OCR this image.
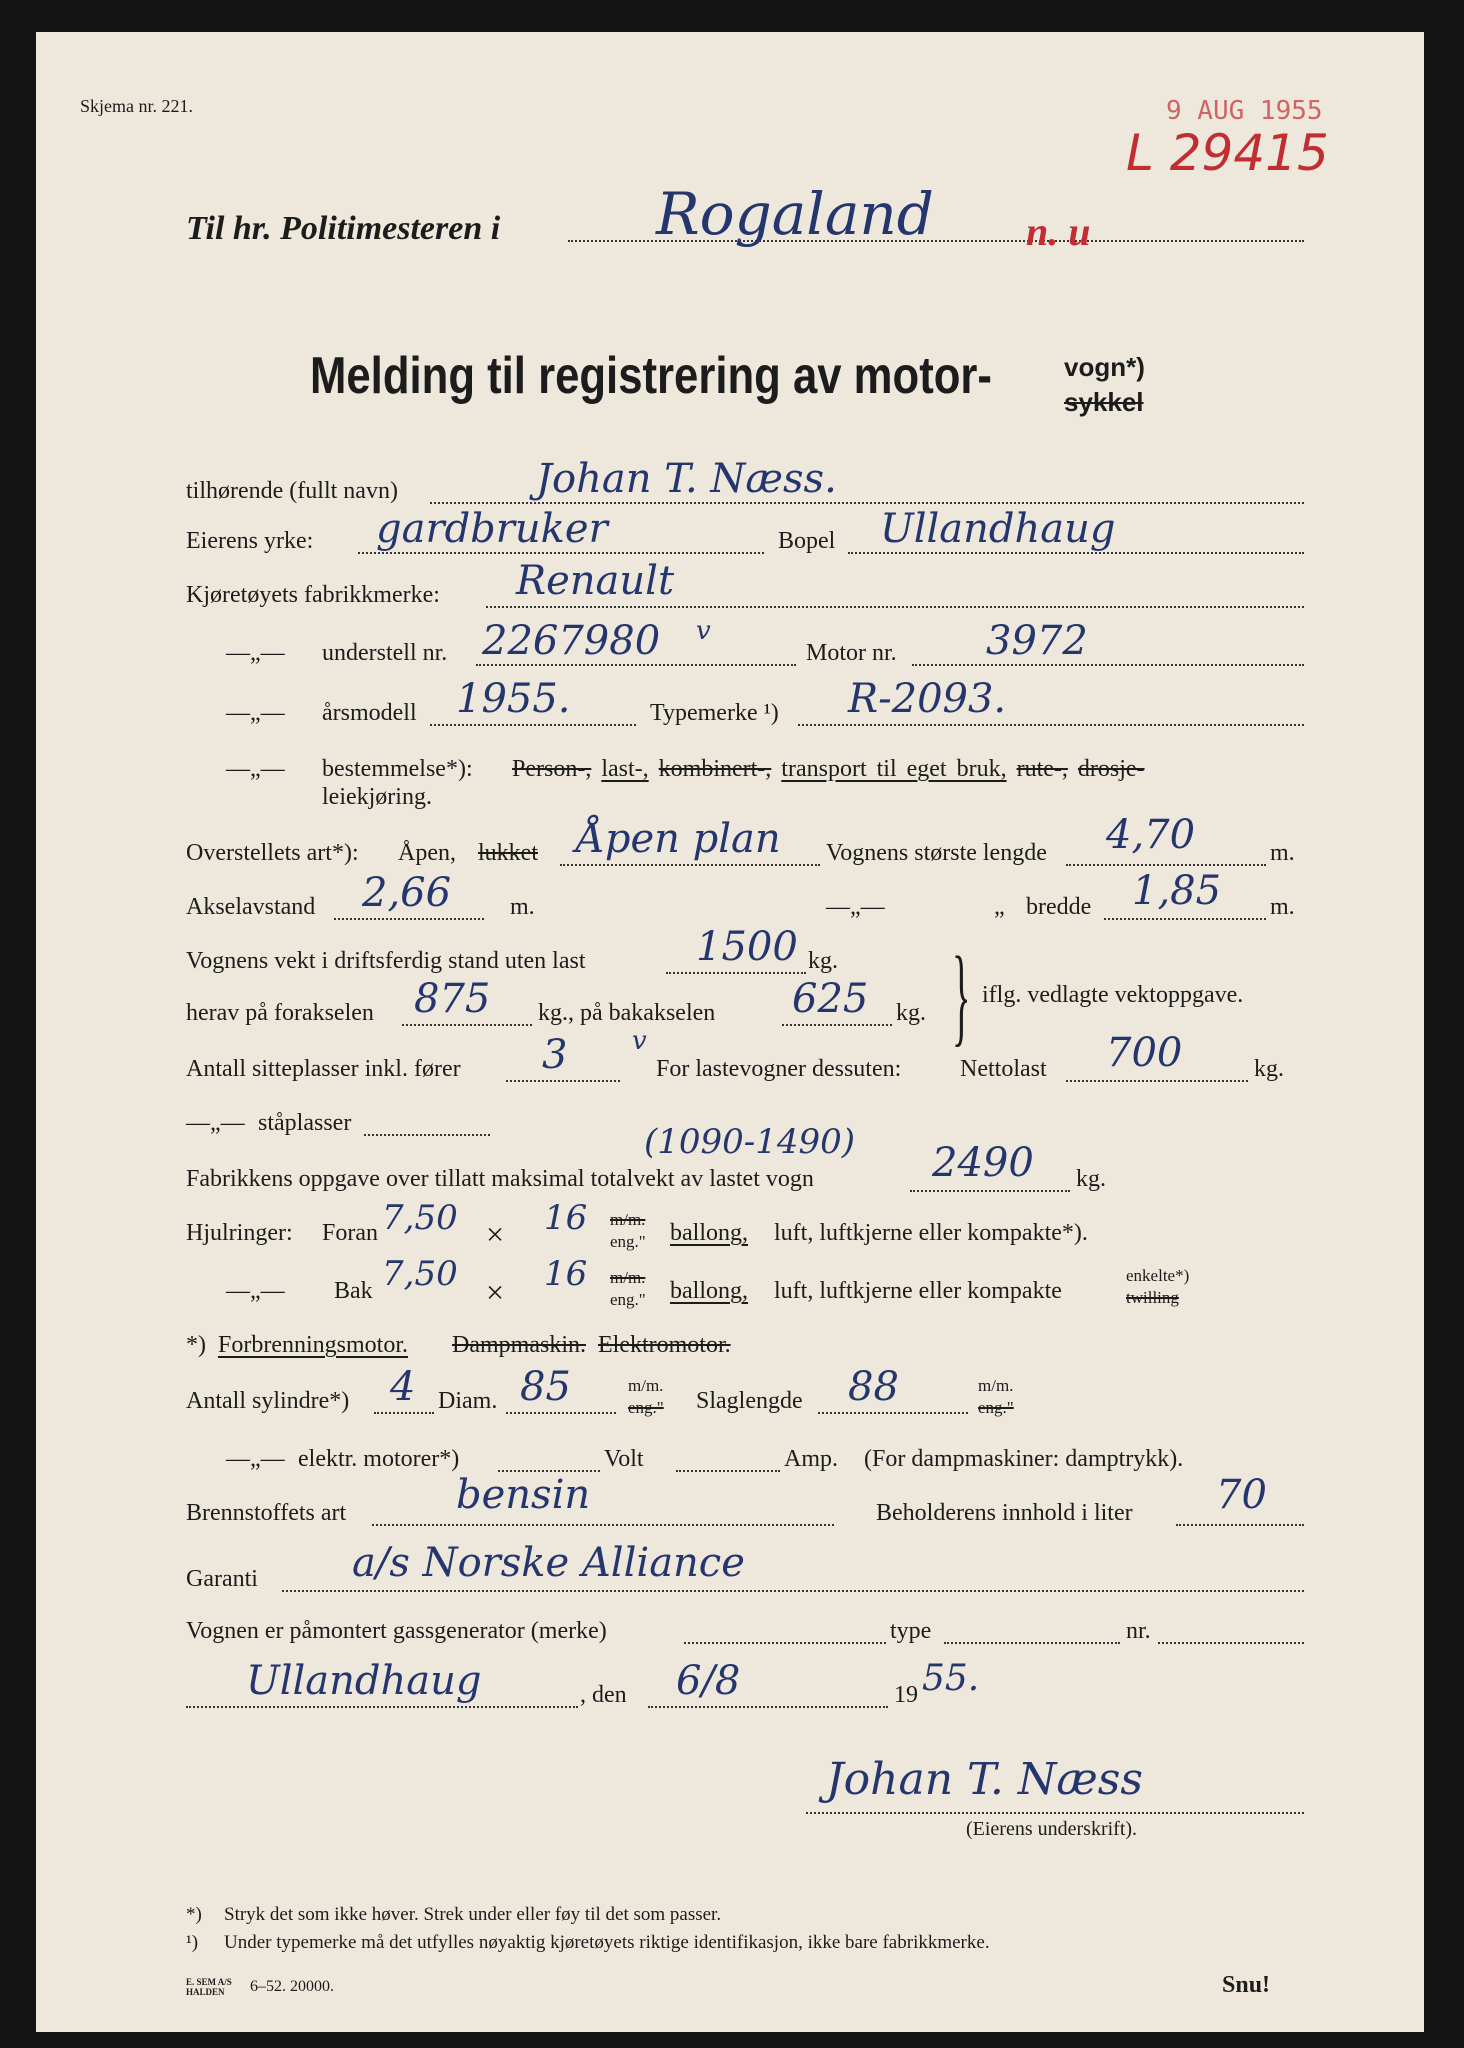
Skjema nr. 221.	9 AUG 1955
L 29415
Til hr. Politimesteren i	Rogaland n. u
Melding til registrering av motor-	vogn*)
sykkel
tilhørende (fullt navn)	Johan T. Næss.
Eierens yrke: gardbruker	Bopel Ullandhaug
Kjøretøyets fabrikkmerke: Renault
—„— understell nr. 2267980 v
Motor nr. 3972
—„— årsmodell 1955.	Typemerke ¹) R-2093.
—„— bestemmelse*): Person-, last-, kombinert-, transport til eget bruk, rute-, drosje-
leiekjøring.
Overstellets art*): Åpen, lukket Åpen plan Vognens største lengde 4,70	m.
Akselavstand 2,66 m.	—„—	„ bredde 1,85 m.
Vognens vekt i driftsferdig stand uten last	1500 kg.
herav på forakselen 875 kg., på bakakselen 625 kg. } iflg. vedlagte vektoppgave.
Antall sitteplasser inkl. fører 3 v
For lastevogner dessuten: Nettolast 700	kg.
—„— ståplasser	(1090-1490)
Fabrikkens oppgave over tillatt maksimal totalvekt av lastet vogn	2490 kg.
Hjulringer: Foran 7,50 × 16 m/m.
eng." ballong, luft, luftkjerne eller kompakte*).
—„— Bak 7,50 × 16 m/m.
eng." ballong, luft, luftkjerne eller kompakte
enkelte*)
twilling
*) Forbrenningsmotor. Dampmaskin. Elektromotor.
Antall sylindre*) 4 Diam. 85	m/m.
eng." Slaglengde 88	m/m.
eng."
—„— elektr. motorer*)	Volt	Amp. (For dampmaskiner: damptrykk).
Brennstoffets art	bensin	Beholderens innhold i liter 70
Garanti a/s Norske Alliance
Vognen er påmontert gassgenerator (merke)	type	nr.
Ullandhaug	, den 6/8	19 55.
Johan T. Næss
(Eierens underskrift).
*) Stryk det som ikke høver. Strek under eller føy til det som passer.
¹) Under typemerke må det utfylles nøyaktig kjøretøyets riktige identifikasjon, ikke bare fabrikkmerke.
E. SEM A/S HALDEN	6–52. 20000.	Snu!
